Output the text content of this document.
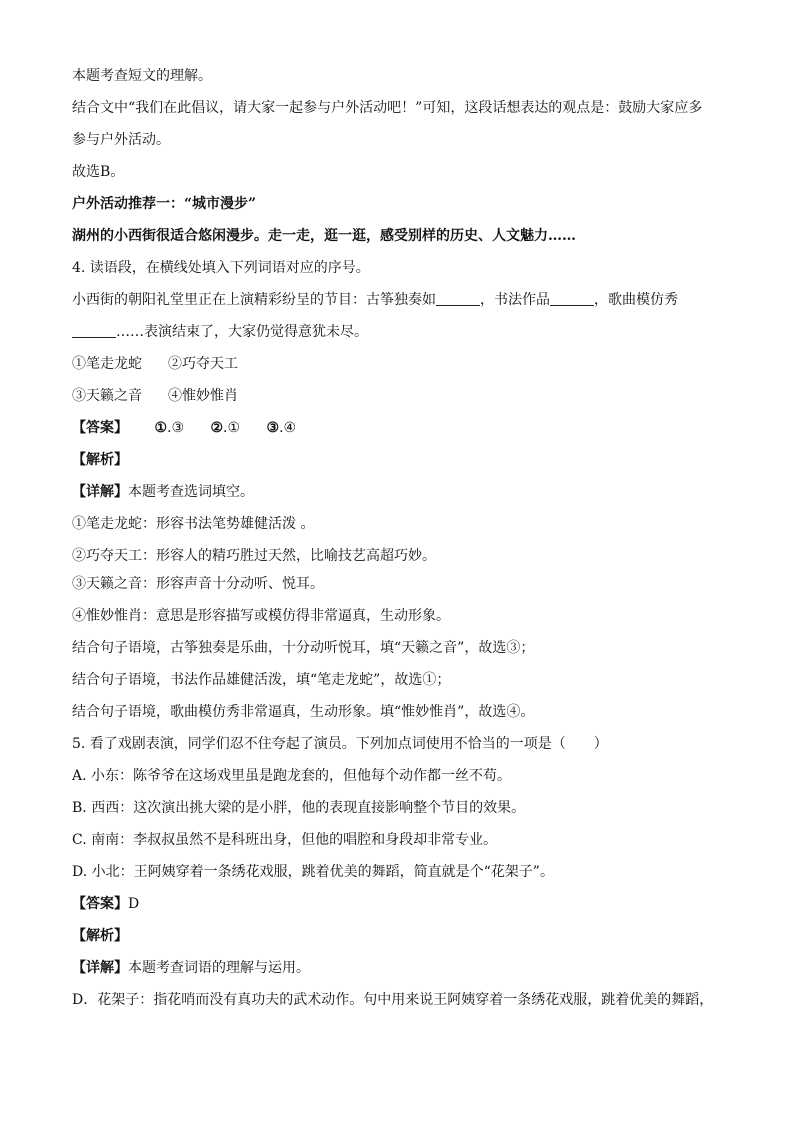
本题考查短文的理解。
结合文中“我们在此倡议，请大家一起参与户外活动吧！”可知，这段话想表达的观点是：鼓励大家应多
参与户外活动。
故选B。
户外活动推荐一：“城市漫步”
湖州的小西街很适合悠闲漫步。走一走，逛一逛，感受别样的历史、人文魅力……
4. 读语段，在横线处填入下列词语对应的序号。
小西街的朝阳礼堂里正在上演精彩纷呈的节目：古筝独奏如	，书法作品	，歌曲模仿秀
……表演结束了，大家仍觉得意犹未尽。
①笔走龙蛇 ②巧夺天工
③天籁之音 ④惟妙惟肖
【答案】 ①.③ ②.① ③.④
【解析】
【详解】本题考查选词填空。
①笔走龙蛇：形容书法笔势雄健活泼 。
②巧夺天工：形容人的精巧胜过天然，比喻技艺高超巧妙。
③天籁之音：形容声音十分动听、悦耳。
④惟妙惟肖：意思是形容描写或模仿得非常逼真，生动形象。
结合句子语境，古筝独奏是乐曲，十分动听悦耳，填“天籁之音”，故选③；
结合句子语境，书法作品雄健活泼，填“笔走龙蛇”，故选①；
结合句子语境，歌曲模仿秀非常逼真，生动形象。填“惟妙惟肖”，故选④。
5. 看了戏剧表演，同学们忍不住夸起了演员。下列加点词使用不恰当的一项是（　　）
A. 小东：陈爷爷在这场戏里虽是跑龙套的，但他每个动作都一丝不苟。
B. 西西：这次演出挑大梁的是小胖，他的表现直接影响整个节目的效果。
C. 南南：李叔叔虽然不是科班出身，但他的唱腔和身段却非常专业。
D. 小北：王阿姨穿着一条绣花戏服，跳着优美的舞蹈，简直就是个“花架子”。
【答案】D
【解析】
【详解】本题考查词语的理解与运用。
D．花架子：指花哨而没有真功夫的武术动作。句中用来说王阿姨穿着一条绣花戏服，跳着优美的舞蹈，
